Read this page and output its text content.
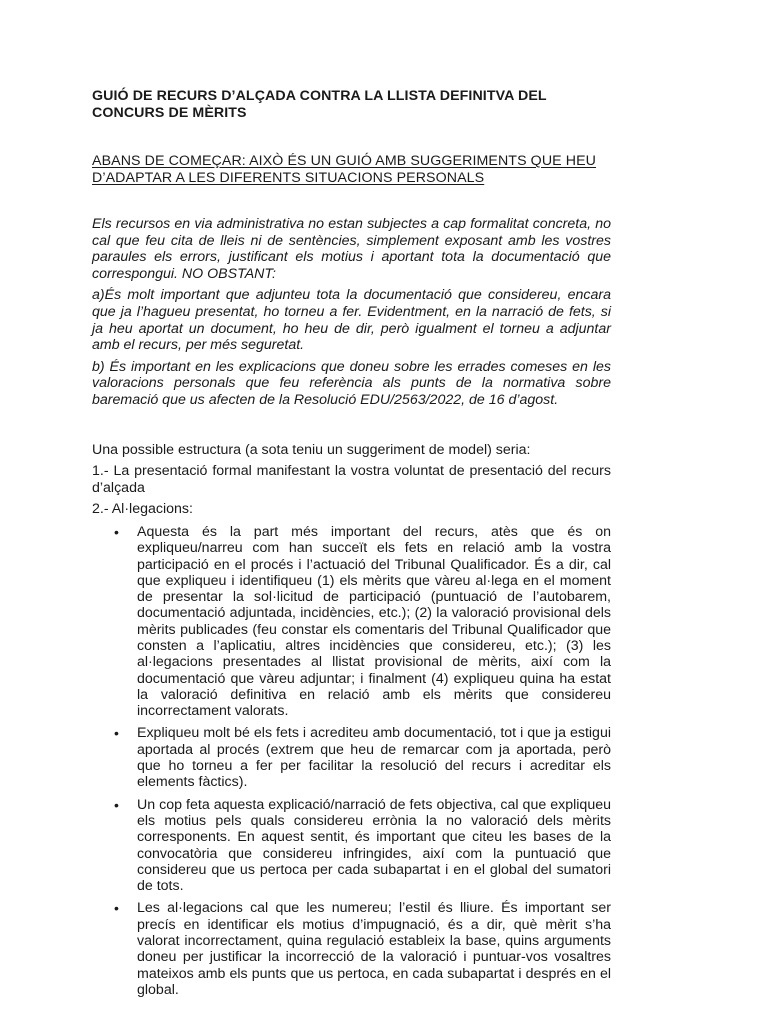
GUIÓ DE RECURS D’ALÇADA CONTRA LA LLISTA DEFINITVA DEL CONCURS DE MÈRITS

ABANS DE COMEÇAR: AIXÒ ÉS UN GUIÓ AMB SUGGERIMENTS QUE HEU D’ADAPTAR A LES DIFERENTS SITUACIONS PERSONALS
Els recursos en via administrativa no estan subjectes a cap formalitat concreta, no cal que feu cita de lleis ni de sentències, simplement exposant amb les vostres paraules els errors, justificant els motius i aportant tota la documentació que correspongui. NO OBSTANT:
a)És molt important que adjunteu tota la documentació que considereu, encara que ja l’hagueu presentat, ho torneu a fer. Evidentment, en la narració de fets, si ja heu aportat un document, ho heu de dir, però igualment el torneu a adjuntar amb el recurs, per més seguretat.
b) És important en les explicacions que doneu sobre les errades comeses en les valoracions personals que feu referència als punts de la normativa sobre baremació que us afecten de la Resolució EDU/2563/2022, de 16 d’agost.
Una possible estructura (a sota teniu un suggeriment de model) seria:
1.- La presentació formal manifestant la vostra voluntat de presentació del recurs d’alçada
2.- Al·legacions:
• Aquesta és la part més important del recurs, atès que és on expliqueu/narreu com han succeït els fets en relació amb la vostra participació en el procés i l’actuació del Tribunal Qualificador. És a dir, cal que expliqueu i identifiqueu (1) els mèrits que vàreu al·lega en el moment de presentar la sol·licitud de participació (puntuació de l’autobarem, documentació adjuntada, incidències, etc.); (2) la valoració provisional dels mèrits publicades (feu constar els comentaris del Tribunal Qualificador que consten a l’aplicatiu, altres incidències que considereu, etc.); (3) les al·legacions presentades al llistat provisional de mèrits, així com la documentació que vàreu adjuntar; i finalment (4) expliqueu quina ha estat la valoració definitiva en relació amb els mèrits que considereu incorrectament valorats.
• Expliqueu molt bé els fets i acrediteu amb documentació, tot i que ja estigui aportada al procés (extrem que heu de remarcar com ja aportada, però que ho torneu a fer per facilitar la resolució del recurs i acreditar els elements fàctics).
• Un cop feta aquesta explicació/narració de fets objectiva, cal que expliqueu els motius pels quals considereu errònia la no valoració dels mèrits corresponents. En aquest sentit, és important que citeu les bases de la convocatòria que considereu infringides, així com la puntuació que considereu que us pertoca per cada subapartat i en el global del sumatori de tots.
• Les al·legacions cal que les numereu; l’estil és lliure. És important ser precís en identificar els motius d’impugnació, és a dir, què mèrit s’ha valorat incorrectament, quina regulació estableix la base, quins arguments doneu per justificar la incorrecció de la valoració i puntuar-vos vosaltres mateixos amb els punts que us pertoca, en cada subapartat i després en el global.
